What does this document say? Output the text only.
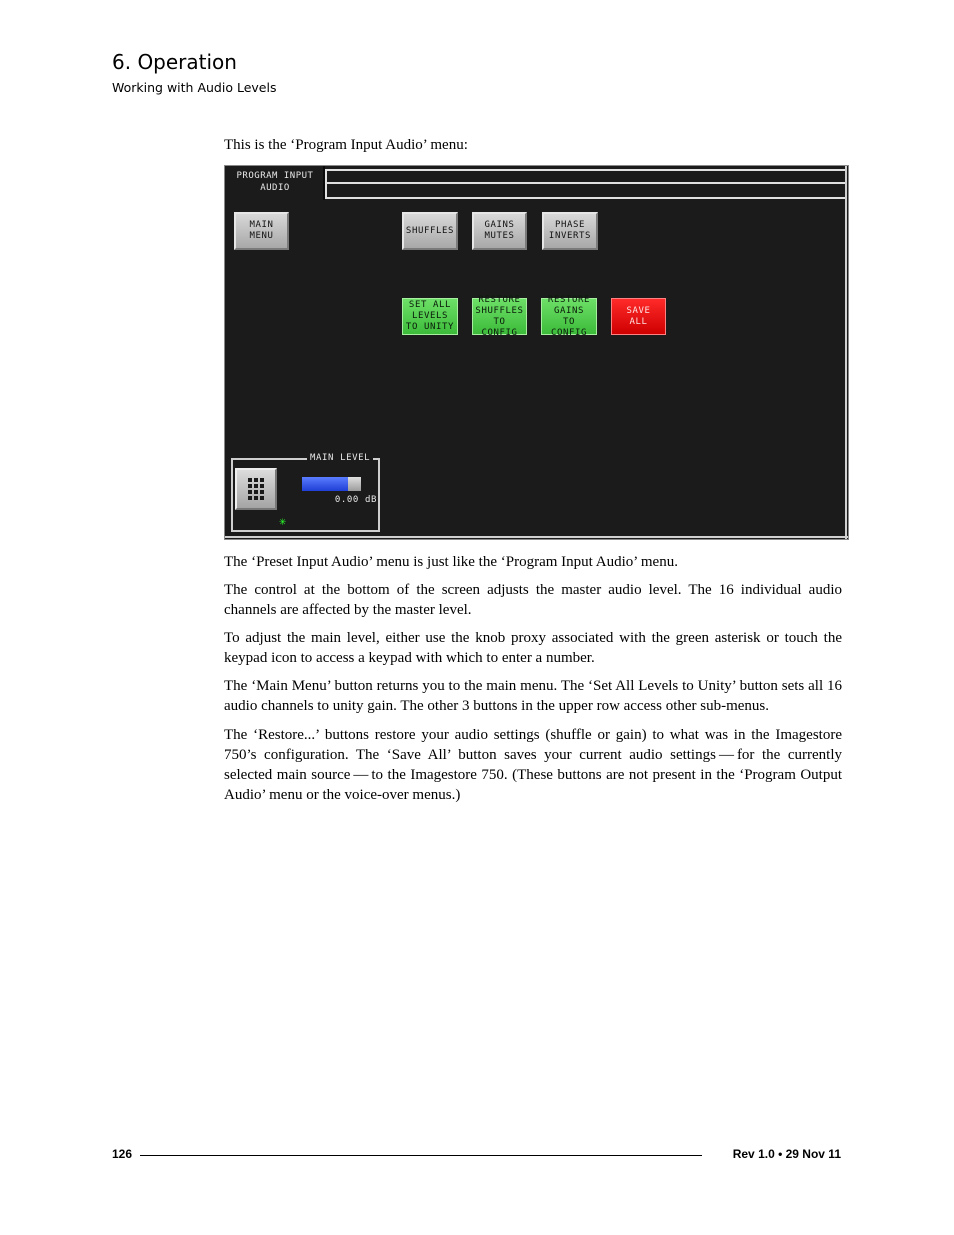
6. Operation
Working with Audio Levels
This is the ‘Program Input Audio’ menu:
PROGRAM INPUT
AUDIO
MAIN
MENU
SHUFFLES
GAINS
MUTES
PHASE
INVERTS
SET ALL
LEVELS
TO UNITY
RESTORE
SHUFFLES
TO CONFIG
RESTORE
GAINS
TO CONFIG
SAVE
ALL
MAIN LEVEL
0.00 dB
✳
The ‘Preset Input Audio’ menu is just like the ‘Program Input Audio’ menu.
The control at the bottom of the screen adjusts the master audio level. The 16 individual audio channels are affected by the master level.
To adjust the main level, either use the knob proxy associated with the green asterisk or touch the keypad icon to access a keypad with which to enter a number.
The ‘Main Menu’ button returns you to the main menu. The ‘Set All Levels to Unity’ button sets all 16 audio channels to unity gain. The other 3 buttons in the upper row access other sub-menus.
The ‘Restore...’ buttons restore your audio settings (shuffle or gain) to what was in the Imagestore 750’s configuration. The ‘Save All’ button saves your current audio settings — for the currently selected main source — to the Imagestore 750. (These buttons are not present in the ‘Program Output Audio’ menu or the voice-over menus.)
126	Rev 1.0 • 29 Nov 11
